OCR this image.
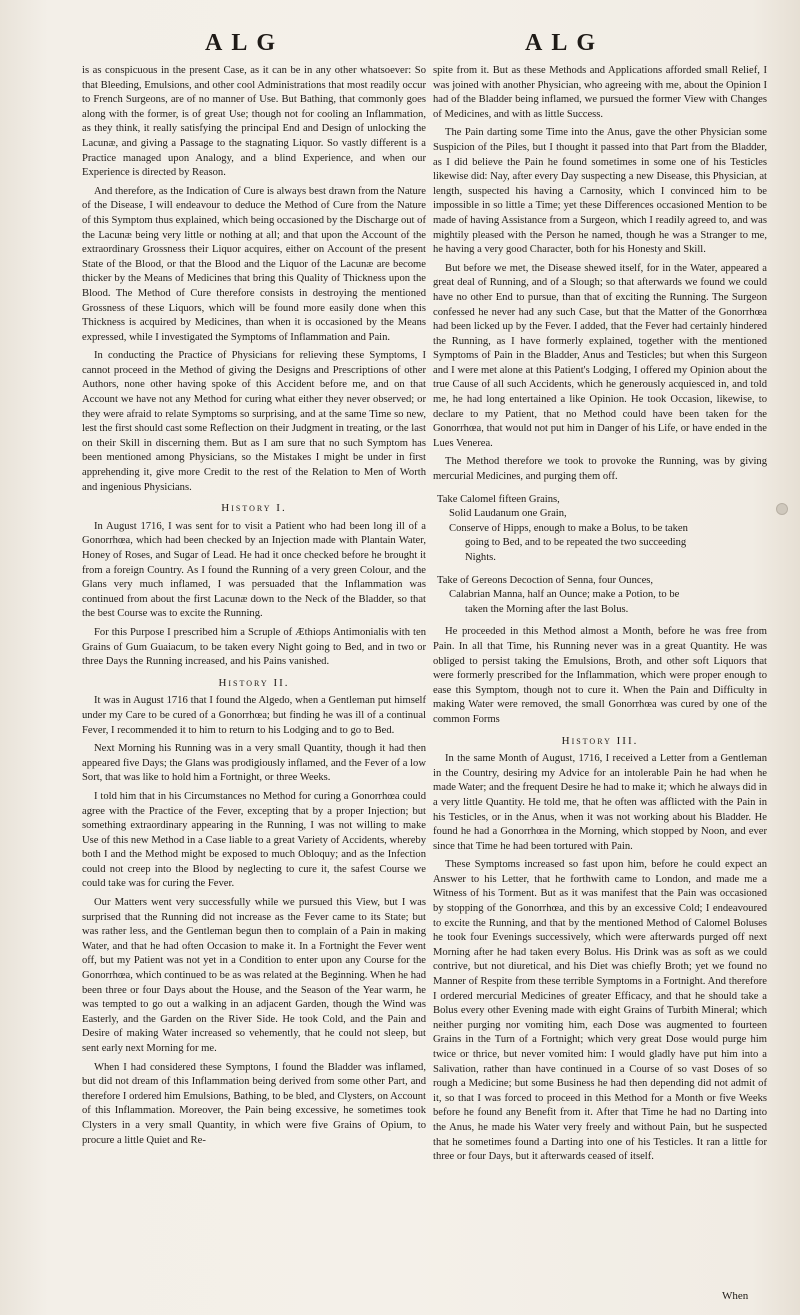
ALG	ALG

is as conspicuous in the present Case, as it can be in any other whatsoever: So that Bleeding, Emulsions, and other cool Administrations that most readily occur to French Surgeons, are of no manner of Use. But Bathing, that commonly goes along with the former, is of great Use; though not for cooling an Inflammation, as they think, it really satisfying the principal End and Design of unlocking the Lacunæ, and giving a Passage to the stagnating Liquor. So vastly different is a Practice managed upon Analogy, and a blind Experience, and when our Experience is directed by Reason.

And therefore, as the Indication of Cure is always best drawn from the Nature of the Disease, I will endeavour to deduce the Method of Cure from the Nature of this Symptom thus explained, which being occasioned by the Discharge out of the Lacunæ being very little or nothing at all; and that upon the Account of the extraordinary Grossness their Liquor acquires, either on Account of the present State of the Blood, or that the Blood and the Liquor of the Lacunæ are become thicker by the Means of Medicines that bring this Quality of Thickness upon the Blood. The Method of Cure therefore consists in destroying the mentioned Grossness of these Liquors, which will be found more easily done when this Thickness is acquired by Medicines, than when it is occasioned by the Means expressed, while I investigated the Symptoms of Inflammation and Pain.

In conducting the Practice of Physicians for relieving these Symptoms, I cannot proceed in the Method of giving the Designs and Prescriptions of other Authors, none other having spoke of this Accident before me, and on that Account we have not any Method for curing what either they never observed; or they were afraid to relate Symptoms so surprising, and at the same Time so new, lest the first should cast some Reflection on their Judgment in treating, or the last on their Skill in discerning them. But as I am sure that no such Symptom has been mentioned among Physicians, so the Mistakes I might be under in first apprehending it, give more Credit to the rest of the Relation to Men of Worth and ingenious Physicians.

History I.

In August 1716, I was sent for to visit a Patient who had been long ill of a Gonorrhœa, which had been checked by an Injection made with Plantain Water, Honey of Roses, and Sugar of Lead. He had it once checked before he brought it from a foreign Country. As I found the Running of a very green Colour, and the Glans very much inflamed, I was persuaded that the Inflammation was continued from about the first Lacunæ down to the Neck of the Bladder, so that the best Course was to excite the Running.

For this Purpose I prescribed him a Scruple of Æthiops Antimonialis with ten Grains of Gum Guaiacum, to be taken every Night going to Bed, and in two or three Days the Running increased, and his Pains vanished.

History II.

It was in August 1716 that I found the Algedo, when a Gentleman put himself under my Care to be cured of a Gonorrhœa; but finding he was ill of a continual Fever, I recommended it to him to return to his Lodging and to go to Bed.

Next Morning his Running was in a very small Quantity, though it had then appeared five Days; the Glans was prodigiously inflamed, and the Fever of a low Sort, that was like to hold him a Fortnight, or three Weeks.

I told him that in his Circumstances no Method for curing a Gonorrhœa could agree with the Practice of the Fever, excepting that by a proper Injection; but something extraordinary appearing in the Running, I was not willing to make Use of this new Method in a Case liable to a great Variety of Accidents, whereby both I and the Method might be exposed to much Obloquy; and as the Infection could not creep into the Blood by neglecting to cure it, the safest Course we could take was for curing the Fever.

Our Matters went very successfully while we pursued this View, but I was surprised that the Running did not increase as the Fever came to its State; but was rather less, and the Gentleman begun then to complain of a Pain in making Water, and that he had often Occasion to make it. In a Fortnight the Fever went off, but my Patient was not yet in a Condition to enter upon any Course for the Gonorrhœa, which continued to be as was related at the Beginning. When he had been three or four Days about the House, and the Season of the Year warm, he was tempted to go out a walking in an adjacent Garden, though the Wind was Easterly, and the Garden on the River Side. He took Cold, and the Pain and Desire of making Water increased so vehemently, that he could not sleep, but sent early next Morning for me.

When I had considered these Symptons, I found the Bladder was inflamed, but did not dream of this Inflammation being derived from some other Part, and therefore I ordered him Emulsions, Bathing, to be bled, and Clysters, on Account of this Inflammation. Moreover, the Pain being excessive, he sometimes took Clysters in a very small Quantity, in which were five Grains of Opium, to procure a little Quiet and Re-

spite from it. But as these Methods and Applications afforded small Relief, I was joined with another Physician, who agreeing with me, about the Opinion I had of the Bladder being inflamed, we pursued the former View with Changes of Medicines, and with as little Success.

The Pain darting some Time into the Anus, gave the other Physician some Suspicion of the Piles, but I thought it passed into that Part from the Bladder, as I did believe the Pain he found sometimes in some one of his Testicles likewise did: Nay, after every Day suspecting a new Disease, this Physician, at length, suspected his having a Carnosity, which I convinced him to be impossible in so little a Time; yet these Differences occasioned Mention to be made of having Assistance from a Surgeon, which I readily agreed to, and was mightily pleased with the Person he named, though he was a Stranger to me, he having a very good Character, both for his Honesty and Skill.

But before we met, the Disease shewed itself, for in the Water, appeared a great deal of Running, and of a Slough; so that afterwards we found we could have no other End to pursue, than that of exciting the Running. The Surgeon confessed he never had any such Case, but that the Matter of the Gonorrhœa had been licked up by the Fever. I added, that the Fever had certainly hindered the Running, as I have formerly explained, together with the mentioned Symptoms of Pain in the Bladder, Anus and Testicles; but when this Surgeon and I were met alone at this Patient's Lodging, I offered my Opinion about the true Cause of all such Accidents, which he generously acquiesced in, and told me, he had long entertained a like Opinion. He took Occasion, likewise, to declare to my Patient, that no Method could have been taken for the Gonorrhœa, that would not put him in Danger of his Life, or have ended in the Lues Venerea.

The Method therefore we took to provoke the Running, was by giving mercurial Medicines, and purging them off.

Take Calomel fifteen Grains,
Solid Laudanum one Grain,
Conserve of Hipps, enough to make a Bolus, to be taken
going to Bed, and to be repeated the two succeeding
Nights.
Take of Gereons Decoction of Senna, four Ounces,
Calabrian Manna, half an Ounce; make a Potion, to be
taken the Morning after the last Bolus.

He proceeded in this Method almost a Month, before he was free from Pain. In all that Time, his Running never was in a great Quantity. He was obliged to persist taking the Emulsions, Broth, and other soft Liquors that were formerly prescribed for the Inflammation, which were proper enough to ease this Symptom, though not to cure it. When the Pain and Difficulty in making Water were removed, the small Gonorrhœa was cured by one of the common Forms

History III.

In the same Month of August, 1716, I received a Letter from a Gentleman in the Country, desiring my Advice for an intolerable Pain he had when he made Water; and the frequent Desire he had to make it; which he always did in a very little Quantity. He told me, that he often was afflicted with the Pain in his Testicles, or in the Anus, when it was not working about his Bladder. He found he had a Gonorrhœa in the Morning, which stopped by Noon, and ever since that Time he had been tortured with Pain.

These Symptoms increased so fast upon him, before he could expect an Answer to his Letter, that he forthwith came to London, and made me a Witness of his Torment. But as it was manifest that the Pain was occasioned by stopping of the Gonorrhœa, and this by an excessive Cold; I endeavoured to excite the Running, and that by the mentioned Method of Calomel Boluses he took four Evenings successively, which were afterwards purged off next Morning after he had taken every Bolus. His Drink was as soft as we could contrive, but not diuretical, and his Diet was chiefly Broth; yet we found no Manner of Respite from these terrible Symptoms in a Fortnight. And therefore I ordered mercurial Medicines of greater Efficacy, and that he should take a Bolus every other Evening made with eight Grains of Turbith Mineral; which neither purging nor vomiting him, each Dose was augmented to fourteen Grains in the Turn of a Fortnight; which very great Dose would purge him twice or thrice, but never vomited him: I would gladly have put him into a Salivation, rather than have continued in a Course of so vast Doses of so rough a Medicine; but some Business he had then depending did not admit of it, so that I was forced to proceed in this Method for a Month or five Weeks before he found any Benefit from it. After that Time he had no Darting into the Anus, he made his Water very freely and without Pain, but he suspected that he sometimes found a Darting into one of his Testicles. It ran a little for three or four Days, but it afterwards ceased of itself.

When
